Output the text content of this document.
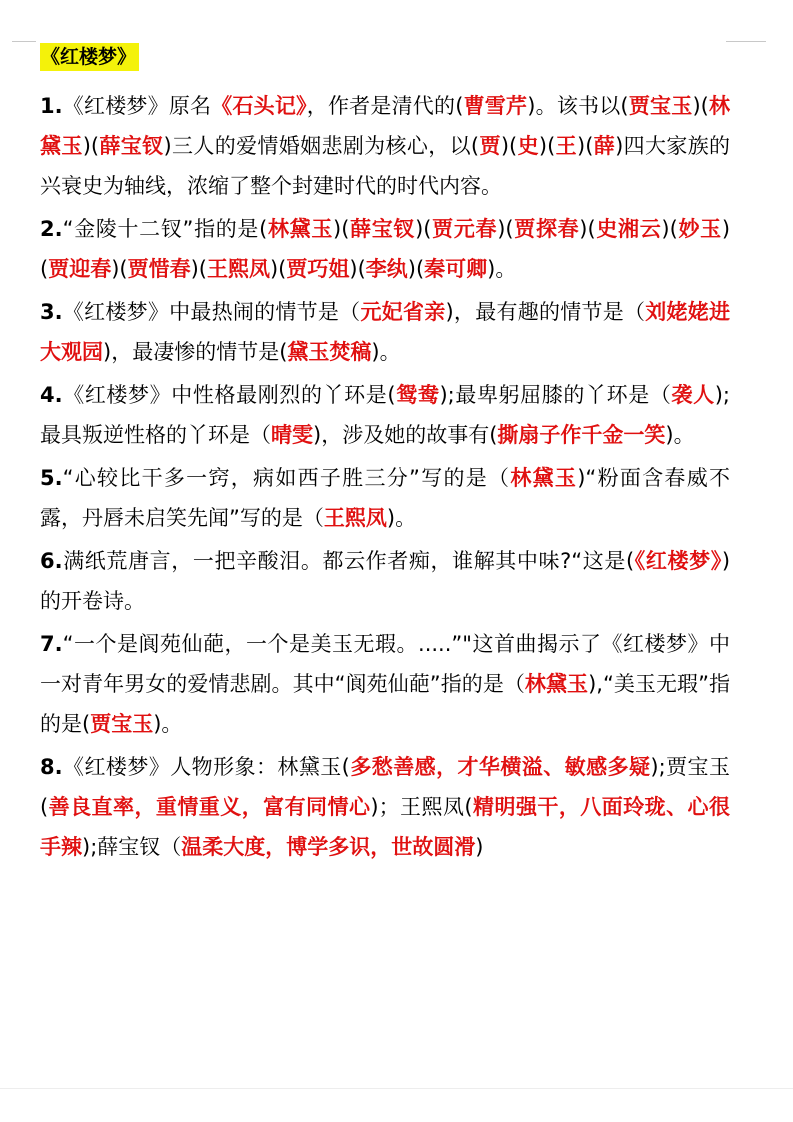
《红楼梦》
1.《红楼梦》原名《石头记》，作者是清代的(曹雪芹)。该书以(贾宝玉)(林黛玉)(薛宝钗)三人的爱情婚姻悲剧为核心，以(贾)(史)(王)(薛)四大家族的兴衰史为轴线，浓缩了整个封建时代的时代内容。
2.“金陵十二钗”指的是(林黛玉)(薛宝钗)(贾元春)(贾探春)(史湘云)(妙玉)(贾迎春)(贾惜春)(王熙凤)(贾巧姐)(李纨)(秦可卿)。
3.《红楼梦》中最热闹的情节是（元妃省亲)，最有趣的情节是（刘姥姥进大观园)，最凄惨的情节是(黛玉焚稿)。
4.《红楼梦》中性格最刚烈的丫环是(鸳鸯);最卑躬屈膝的丫环是（袭人);最具叛逆性格的丫环是（晴雯)，涉及她的故事有(撕扇子作千金一笑)。
5.“心较比干多一窍，病如西子胜三分”写的是（林黛玉)“粉面含春威不露，丹唇未启笑先闻”写的是（王熙凤)。
6.满纸荒唐言，一把辛酸泪。都云作者痴，谁解其中味?“这是(《红楼梦》)的开卷诗。
7.“一个是阆苑仙葩，一个是美玉无瑕。.....”"这首曲揭示了《红楼梦》中一对青年男女的爱情悲剧。其中“阆苑仙葩”指的是（林黛玉),“美玉无瑕”指的是(贾宝玉)。
8.《红楼梦》人物形象：林黛玉(多愁善感，才华横溢、敏感多疑);贾宝玉(善良直率，重情重义，富有同情心)；王熙凤(精明强干，八面玲珑、心很手辣);薛宝钗（温柔大度，博学多识，世故圆滑)
